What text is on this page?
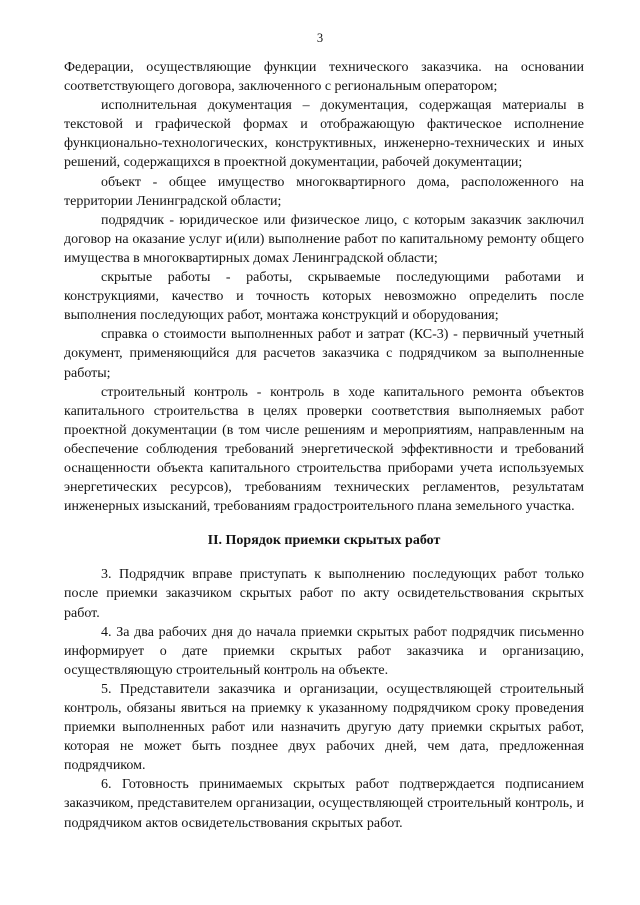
3

Федерации, осуществляющие функции технического заказчика. на основании соответствующего договора, заключенного с региональным оператором;

исполнительная документация – документация, содержащая материалы в текстовой и графической формах и отображающую фактическое исполнение функционально-технологических, конструктивных, инженерно-технических и иных решений, содержащихся в проектной документации, рабочей документации;

объект - общее имущество многоквартирного дома, расположенного на территории Ленинградской области;

подрядчик - юридическое или физическое лицо, с которым заказчик заключил договор на оказание услуг и(или) выполнение работ по капитальному ремонту общего имущества в многоквартирных домах Ленинградской области;

скрытые работы - работы, скрываемые последующими работами и конструкциями, качество и точность которых невозможно определить после выполнения последующих работ, монтажа конструкций и оборудования;

справка о стоимости выполненных работ и затрат (КС-3) - первичный учетный документ, применяющийся для расчетов заказчика с подрядчиком за выполненные работы;

строительный контроль - контроль в ходе капитального ремонта объектов капитального строительства в целях проверки соответствия выполняемых работ проектной документации (в том числе решениям и мероприятиям, направленным на обеспечение соблюдения требований энергетической эффективности и требований оснащенности объекта капитального строительства приборами учета используемых энергетических ресурсов), требованиям технических регламентов, результатам инженерных изысканий, требованиям градостроительного плана земельного участка.

II. Порядок приемки скрытых работ

3. Подрядчик вправе приступать к выполнению последующих работ только после приемки заказчиком скрытых работ по акту освидетельствования скрытых работ.

4. За два рабочих дня до начала приемки скрытых работ подрядчик письменно информирует о дате приемки скрытых работ заказчика и организацию, осуществляющую строительный контроль на объекте.

5. Представители заказчика и организации, осуществляющей строительный контроль, обязаны явиться на приемку к указанному подрядчиком сроку проведения приемки выполненных работ или назначить другую дату приемки скрытых работ, которая не может быть позднее двух рабочих дней, чем дата, предложенная подрядчиком.

6. Готовность принимаемых скрытых работ подтверждается подписанием заказчиком, представителем организации, осуществляющей строительный контроль, и подрядчиком актов освидетельствования скрытых работ.
